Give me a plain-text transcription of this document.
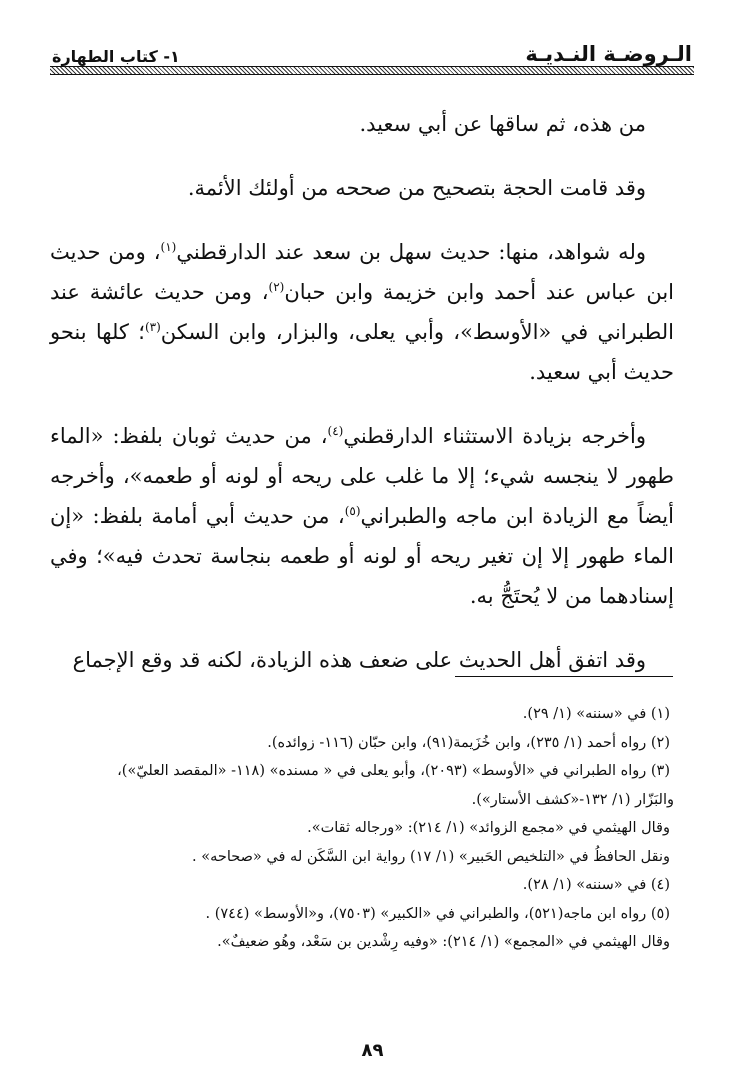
الـروضـة النـديـة
١- كتاب الطهارة

من هذه، ثم ساقها عن أبي سعيد.

وقد قامت الحجة بتصحيح من صححه من أولئك الأئمة.

وله شواهد، منها: حديث سهل بن سعد عند الدارقطني$^{(١)}$، ومن حديث ابن عباس عند أحمد وابن خزيمة وابن حبان$^{(٢)}$، ومن حديث عائشة عند الطبراني في «الأوسط»، وأبي يعلى، والبزار، وابن السكن$^{(٣)}$؛ كلها بنحو حديث أبي سعيد.

وأخرجه بزيادة الاستثناء الدارقطني$^{(٤)}$، من حديث ثوبان بلفظ: «الماء طهور لا ينجسه شيء؛ إلا ما غلب على ريحه أو لونه أو طعمه»، وأخرجه أيضاً مع الزيادة ابن ماجه والطبراني$^{(٥)}$، من حديث أبي أمامة بلفظ: «إن الماء طهور إلا إن تغير ريحه أو لونه أو طعمه بنجاسة تحدث فيه»؛ وفي إسنادهما من لا يُحتَجُّ به.

وقد اتفق أهل الحديث على ضعف هذه الزيادة، لكنه قد وقع الإجماع

(١) في «سننه» (١/ ٢٩).

(٢) رواه أحمد (١/ ٢٣٥)، وابن خُزَيمة(٩١)، وابن حبّان (١١٦- زوائده).

(٣) رواه الطبراني في «الأوسط» (٢٠٩٣)، وأبو يعلى في « مسنده» (١١٨- «المقصد العليّ»)،

والبَزّار (١/ ١٣٢-«كشف الأستار»).

وقال الهيثمي في «مجمع الزوائد» (١/ ٢١٤): «ورجاله ثقات».

ونقل الحافظُ في «التلخيص الحَبير» (١/ ١٧) رواية ابن السَّكَن له في «صحاحه» .

(٤) في «سننه» (١/ ٢٨).

(٥) رواه ابن ماجه(٥٢١)، والطبراني في «الكبير» (٧٥٠٣)، و«الأوسط» (٧٤٤) .

وقال الهيثمي في «المجمع» (١/ ٢١٤): «وفيه رِشْدين بن سَعْد، وهُو ضعيفٌ».

٨٩
